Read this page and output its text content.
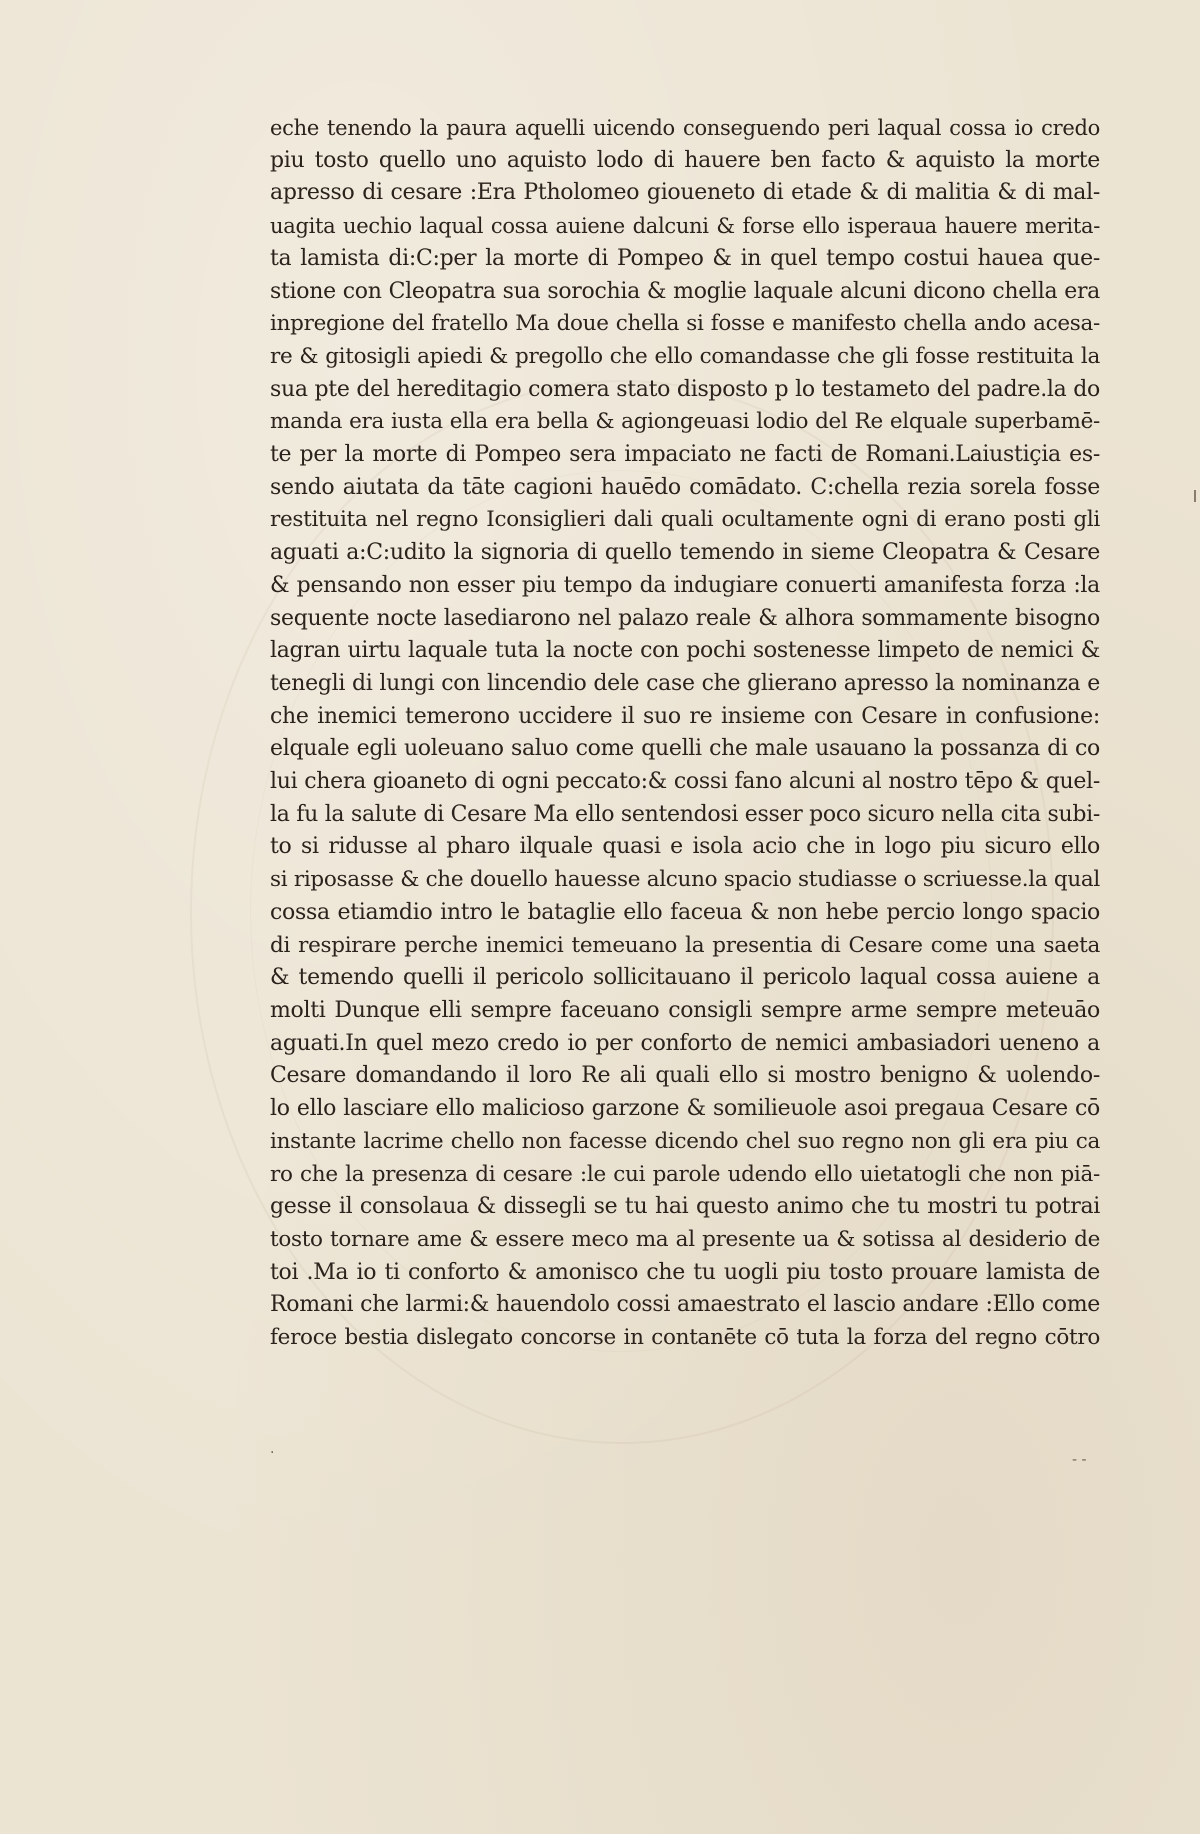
eche tenendo la paura aquelli uicendo conseguendo peri laqual cossa io credo
piu tosto quello uno aquisto lodo di hauere ben facto & aquisto la morte
apresso di cesare :Era Ptholomeo gioueneto di etade & di malitia & di mal-
uagita uechio laqual cossa auiene dalcuni & forse ello isperaua hauere merita-
ta lamista di:C:per la morte di Pompeo & in quel tempo costui hauea que-
stione con Cleopatra sua sorochia & moglie laquale alcuni dicono chella era
inpregione del fratello Ma doue chella si fosse e manifesto chella ando acesa-
re & gitosigli apiedi & pregollo che ello comandasse che gli fosse restituita la
sua pte del hereditagio comera stato disposto p lo testameto del padre.la do
manda era iusta ella era bella & agiongeuasi lodio del Re elquale superbamē-
te per la morte di Pompeo sera impaciato ne facti de Romani.Laiustiçia es-
sendo aiutata da tāte cagioni hauēdo comādato. C:chella rezia sorela fosse
restituita nel regno Iconsiglieri dali quali ocultamente ogni di erano posti gli
aguati a:C:udito la signoria di quello temendo in sieme Cleopatra & Cesare
& pensando non esser piu tempo da indugiare conuerti amanifesta forza :la
sequente nocte lasediarono nel palazo reale & alhora sommamente bisogno
lagran uirtu laquale tuta la nocte con pochi sostenesse limpeto de nemici &
tenegli di lungi con lincendio dele case che glierano apresso la nominanza e
che inemici temerono uccidere il suo re insieme con Cesare in confusione:
elquale egli uoleuano saluo come quelli che male usauano la possanza di co
lui chera gioaneto di ogni peccato:& cossi fano alcuni al nostro tēpo & quel-
la fu la salute di Cesare Ma ello sentendosi esser poco sicuro nella cita subi-
to si ridusse al pharo ilquale quasi e isola acio che in logo piu sicuro ello
si riposasse & che douello hauesse alcuno spacio studiasse o scriuesse.la qual
cossa etiamdio intro le bataglie ello faceua & non hebe percio longo spacio
di respirare perche inemici temeuano la presentia di Cesare come una saeta
& temendo quelli il pericolo sollicitauano il pericolo laqual cossa auiene a
molti Dunque elli sempre faceuano consigli sempre arme sempre meteuāo
aguati.In quel mezo credo io per conforto de nemici ambasiadori ueneno a
Cesare domandando il loro Re ali quali ello si mostro benigno & uolendo-
lo ello lasciare ello malicioso garzone & somilieuole asoi pregaua Cesare cō
instante lacrime chello non facesse dicendo chel suo regno non gli era piu ca
ro che la presenza di cesare :le cui parole udendo ello uietatogli che non piā-
gesse il consolaua & dissegli se tu hai questo animo che tu mostri tu potrai
tosto tornare ame & essere meco ma al presente ua & sotissa al desiderio de
toi .Ma io ti conforto & amonisco che tu uogli piu tosto prouare lamista de
Romani che larmi:& hauendolo cossi amaestrato el lascio andare :Ello come
feroce bestia dislegato concorse in contanēte cō tuta la forza del regno cōtro
·	- -
